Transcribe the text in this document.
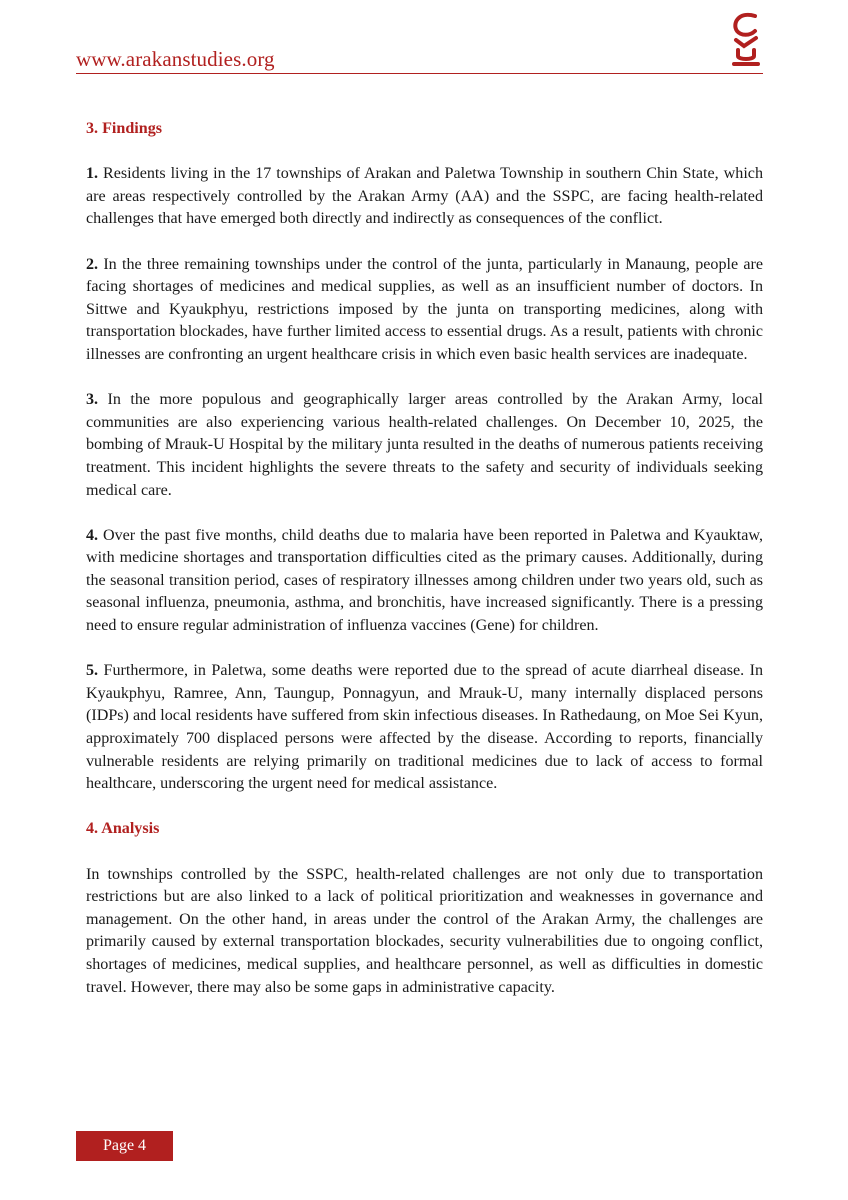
www.arakanstudies.org

3. Findings

1. Residents living in the 17 townships of Arakan and Paletwa Township in southern Chin State, which are areas respectively controlled by the Arakan Army (AA) and the SSPC, are facing health-related challenges that have emerged both directly and indirectly as consequences of the conflict.

2. In the three remaining townships under the control of the junta, particularly in Manaung, people are facing shortages of medicines and medical supplies, as well as an insufficient number of doctors. In Sittwe and Kyaukphyu, restrictions imposed by the junta on transporting medicines, along with transportation blockades, have further limited access to essential drugs. As a result, patients with chronic illnesses are confronting an urgent healthcare crisis in which even basic health services are inadequate.

3. In the more populous and geographically larger areas controlled by the Arakan Army, local communities are also experiencing various health-related challenges. On December 10, 2025, the bombing of Mrauk-U Hospital by the military junta resulted in the deaths of numerous patients receiving treatment. This incident highlights the severe threats to the safety and security of individuals seeking medical care.

4. Over the past five months, child deaths due to malaria have been reported in Paletwa and Kyauktaw, with medicine shortages and transportation difficulties cited as the primary causes. Additionally, during the seasonal transition period, cases of respiratory illnesses among children under two years old, such as seasonal influenza, pneumonia, asthma, and bronchitis, have increased significantly. There is a pressing need to ensure regular administration of influenza vaccines (Gene) for children.

5. Furthermore, in Paletwa, some deaths were reported due to the spread of acute diarrheal disease. In Kyaukphyu, Ramree, Ann, Taungup, Ponnagyun, and Mrauk-U, many internally displaced persons (IDPs) and local residents have suffered from skin infectious diseases. In Rathedaung, on Moe Sei Kyun, approximately 700 displaced persons were affected by the disease. According to reports, financially vulnerable residents are relying primarily on traditional medicines due to lack of access to formal healthcare, underscoring the urgent need for medical assistance.

4. Analysis

In townships controlled by the SSPC, health-related challenges are not only due to transportation restrictions but are also linked to a lack of political prioritization and weaknesses in governance and management. On the other hand, in areas under the control of the Arakan Army, the challenges are primarily caused by external transportation blockades, security vulnerabilities due to ongoing conflict, shortages of medicines, medical supplies, and healthcare personnel, as well as difficulties in domestic travel. However, there may also be some gaps in administrative capacity.

Page 4
